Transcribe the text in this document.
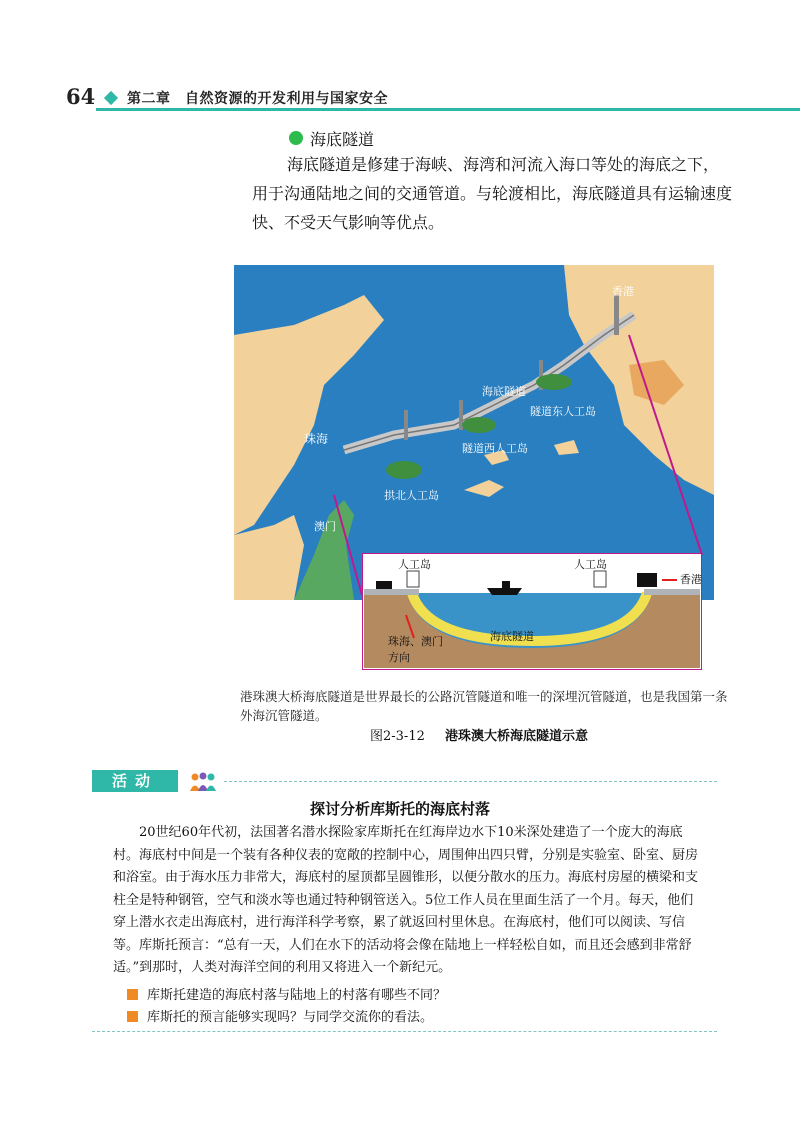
64 第二章　自然资源的开发利用与国家安全
海底隧道

海底隧道是修建于海峡、海湾和河流入海口等处的海底之下，用于沟通陆地之间的交通管道。与轮渡相比，海底隧道具有运输速度快、不受天气影响等优点。

香港
珠海
澳门
海底隧道
隧道东人工岛
隧道西人工岛
拱北人工岛
人工岛	人工岛
香港
珠海、澳门方向
海底隧道

港珠澳大桥海底隧道是世界最长的公路沉管隧道和唯一的深埋沉管隧道，也是我国第一条外海沉管隧道。

图2-3-12 港珠澳大桥海底隧道示意
活动
探讨分析库斯托的海底村落

20世纪60年代初，法国著名潜水探险家库斯托在红海岸边水下10米深处建造了一个庞大的海底村。海底村中间是一个装有各种仪表的宽敞的控制中心，周围伸出四只臂，分别是实验室、卧室、厨房和浴室。由于海水压力非常大，海底村的屋顶都呈圆锥形，以便分散水的压力。海底村房屋的横梁和支柱全是特种钢管，空气和淡水等也通过特种钢管送入。5位工作人员在里面生活了一个月。每天，他们穿上潜水衣走出海底村，进行海洋科学考察，累了就返回村里休息。在海底村，他们可以阅读、写信等。库斯托预言：“总有一天，人们在水下的活动将会像在陆地上一样轻松自如，而且还会感到非常舒适。”到那时，人类对海洋空间的利用又将进入一个新纪元。

库斯托建造的海底村落与陆地上的村落有哪些不同？
库斯托的预言能够实现吗？与同学交流你的看法。
